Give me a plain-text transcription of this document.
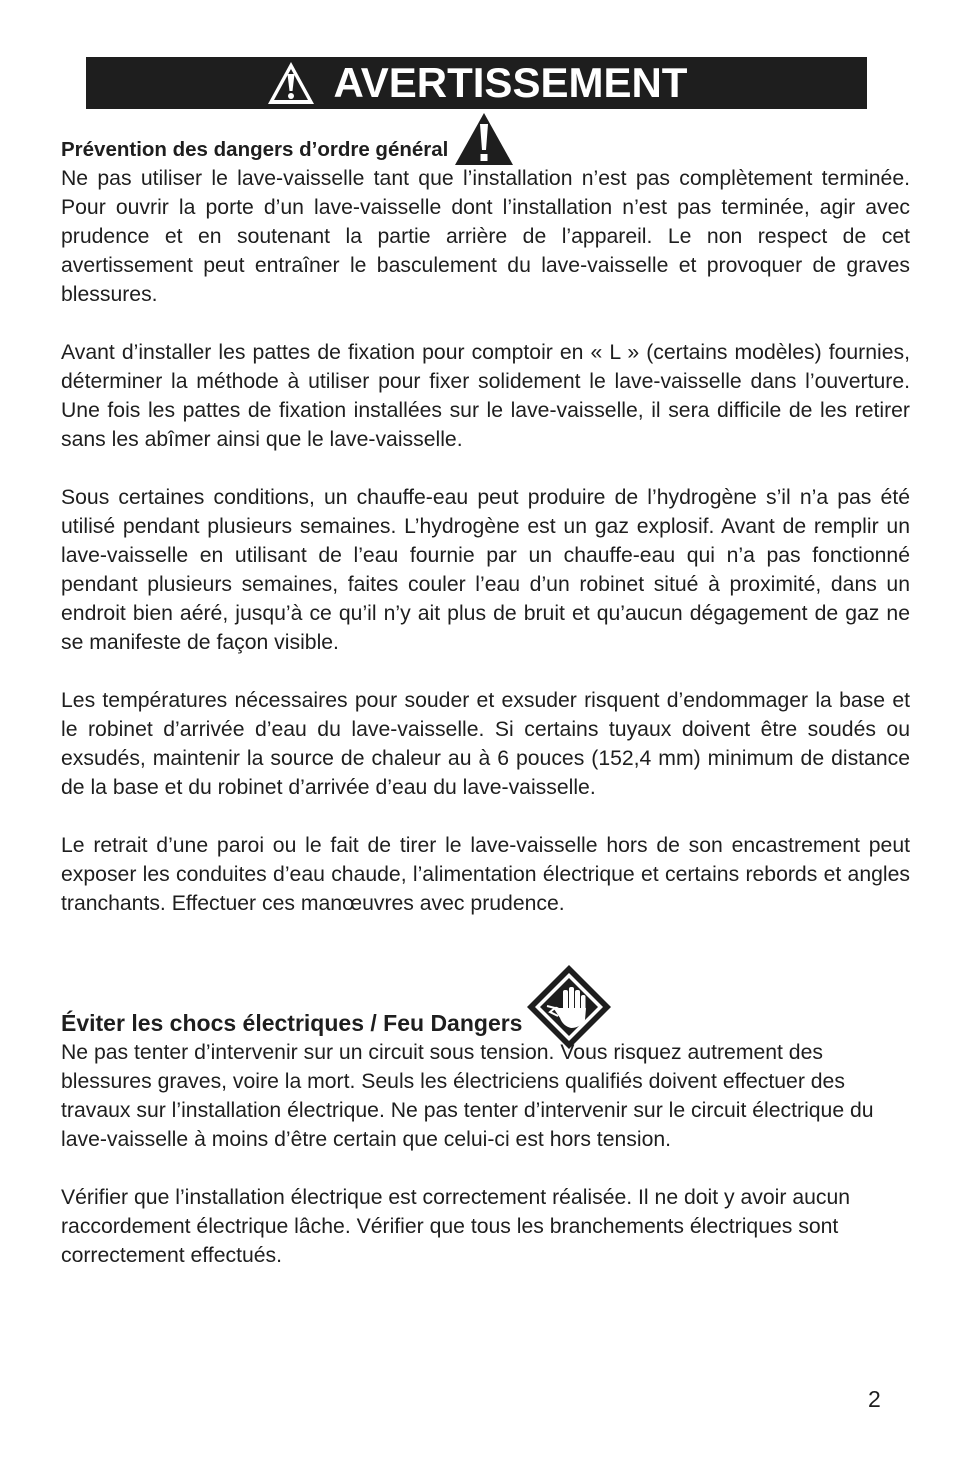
AVERTISSEMENT
Prévention des dangers d’ordre général

Ne pas utiliser le lave-vaisselle tant que l’installation n’est pas complètement terminée. Pour ouvrir la porte d’un lave-vaisselle dont l’installation n’est pas terminée, agir avec prudence et en soutenant la partie arrière de l’appareil. Le non respect de cet avertissement peut entraîner le basculement du lave-vaisselle et provoquer de graves blessures.

Avant d’installer les pattes de fixation pour comptoir en « L » (certains modèles) fournies, déterminer la méthode à utiliser pour fixer solidement le lave-vaisselle dans l’ouverture. Une fois les pattes de fixation installées sur le lave-vaisselle, il sera difficile de les retirer sans les abîmer ainsi que le lave-vaisselle.

Sous certaines conditions, un chauffe-eau peut produire de l’hydrogène s’il n’a pas été utilisé pendant plusieurs semaines. L’hydrogène est un gaz explosif. Avant de remplir un lave-vaisselle en utilisant de l’eau fournie par un chauffe-eau qui n’a pas fonctionné pendant plusieurs semaines, faites couler l’eau d’un robinet situé à proximité, dans un endroit bien aéré, jusqu’à ce qu’il n’y ait plus de bruit et qu’aucun dégagement de gaz ne se manifeste de façon visible.

Les températures nécessaires pour souder et exsuder risquent d’endommager la base et le robinet d’arrivée d’eau du lave-vaisselle. Si certains tuyaux doivent être soudés ou exsudés, maintenir la source de chaleur au à 6 pouces (152,4 mm) minimum de distance de la base et du robinet d’arrivée d’eau du lave-vaisselle.

Le retrait d’une paroi ou le fait de tirer le lave-vaisselle hors de son encastrement peut exposer les conduites d’eau chaude, l’alimentation électrique et certains rebords et angles tranchants. Effectuer ces manœuvres avec prudence.

Éviter les chocs électriques / Feu Dangers

Ne pas tenter d’intervenir sur un circuit sous tension. Vous risquez autrement des blessures graves, voire la mort. Seuls les électriciens qualifiés doivent effectuer des travaux sur l’installation électrique. Ne pas tenter d’intervenir sur le circuit électrique du lave-vaisselle à moins d’être certain que celui-ci est hors tension.

Vérifier que l’installation électrique est correctement réalisée. Il ne doit y avoir aucun raccordement électrique lâche. Vérifier que tous les branchements électriques sont correctement effectués.

2
